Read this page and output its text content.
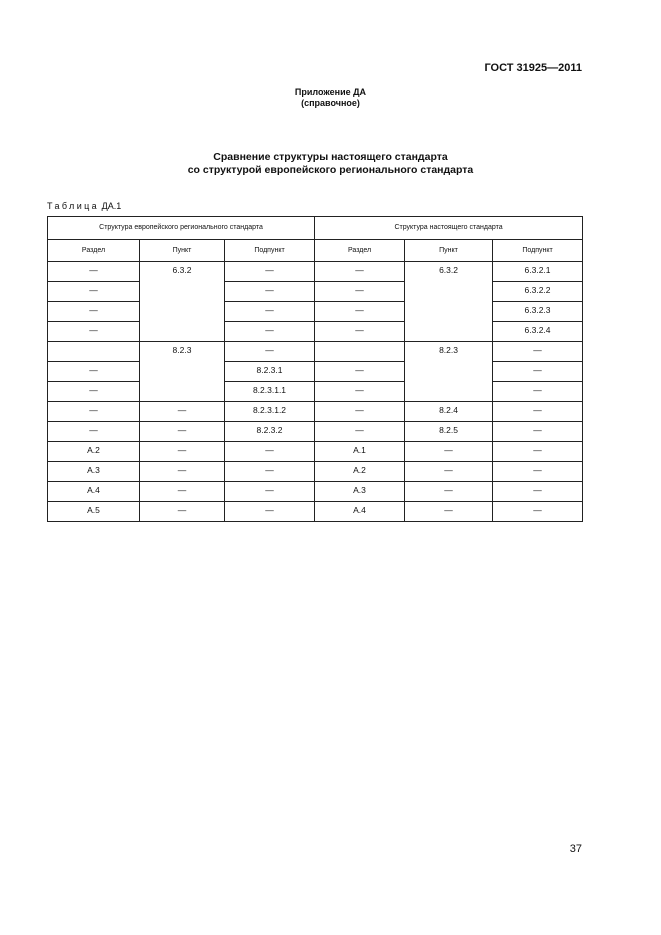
ГОСТ 31925—2011
Приложение ДА
(справочное)
Сравнение структуры настоящего стандарта
со структурой европейского регионального стандарта
Таблица ДА.1
Структура европейского регионального стандарта			Структура настоящего стандарта		
Раздел	Пункт	Подпункт	Раздел	Пункт	Подпункт
—	6.3.2	—	—	6.3.2	6.3.2.1
—		—	—		6.3.2.2
—		—	—		6.3.2.3
—		—	—		6.3.2.4
	8.2.3	—		8.2.3	—
—		8.2.3.1	—		—
—		8.2.3.1.1	—		—
—	—	8.2.3.1.2	—	8.2.4	—
—	—	8.2.3.2	—	8.2.5	—
А.2	—	—	А.1	—	—
А.3	—	—	А.2	—	—
А.4	—	—	А.3	—	—
А.5	—	—	А.4	—	—
37
